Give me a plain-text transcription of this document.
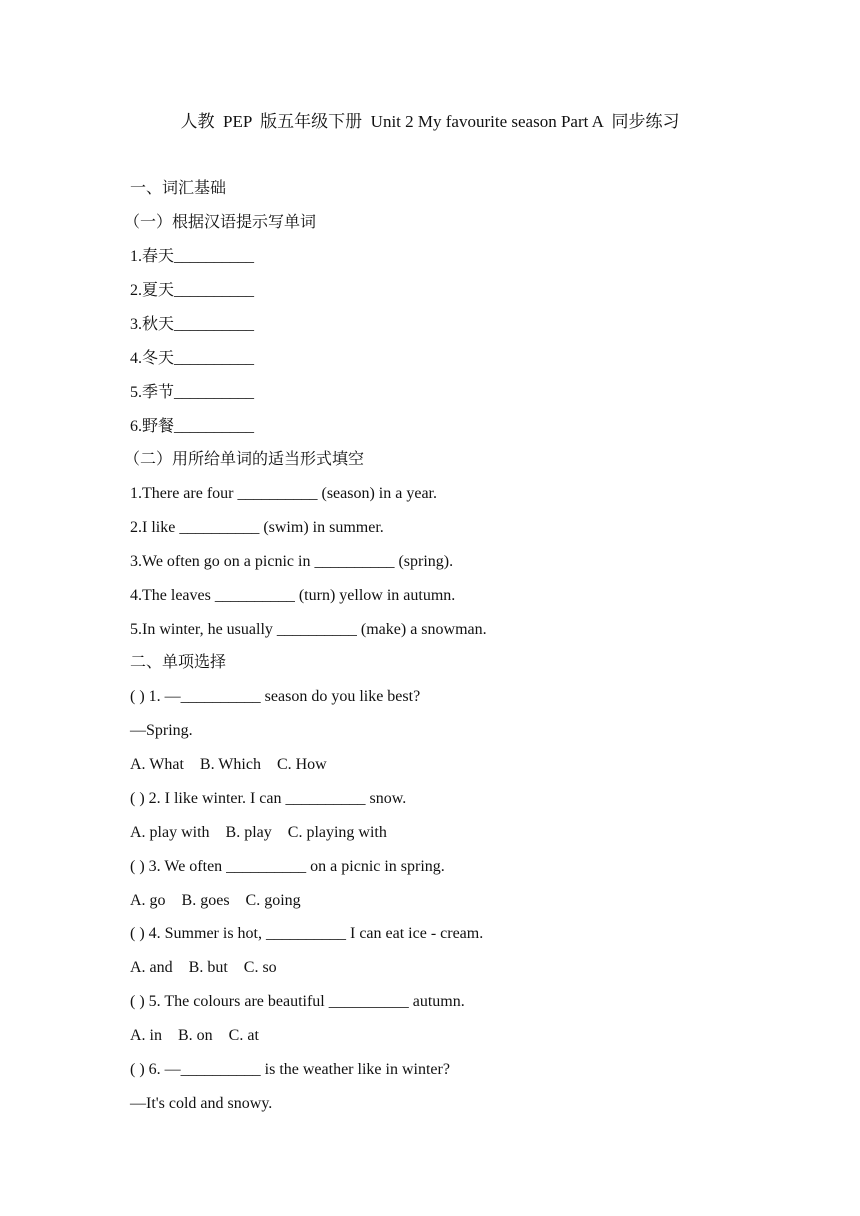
人教  PEP  版五年级下册  Unit 2 My favourite season Part A  同步练习
一、词汇基础
（一）根据汉语提示写单词
1.春天__________
2.夏天__________
3.秋天__________
4.冬天__________
5.季节__________
6.野餐__________
（二）用所给单词的适当形式填空
1.There are four __________ (season) in a year.
2.I like __________ (swim) in summer.
3.We often go on a picnic in __________ (spring).
4.The leaves __________ (turn) yellow in autumn.
5.In winter, he usually __________ (make) a snowman.
二、单项选择
( ) 1. —__________ season do you like best?
—Spring.
A. What    B. Which    C. How
( ) 2. I like winter. I can __________ snow.
A. play with    B. play    C. playing with
( ) 3. We often __________ on a picnic in spring.
A. go    B. goes    C. going
( ) 4. Summer is hot, __________ I can eat ice - cream.
A. and    B. but    C. so
( ) 5. The colours are beautiful __________ autumn.
A. in    B. on    C. at
( ) 6. —__________ is the weather like in winter?
—It's cold and snowy.
